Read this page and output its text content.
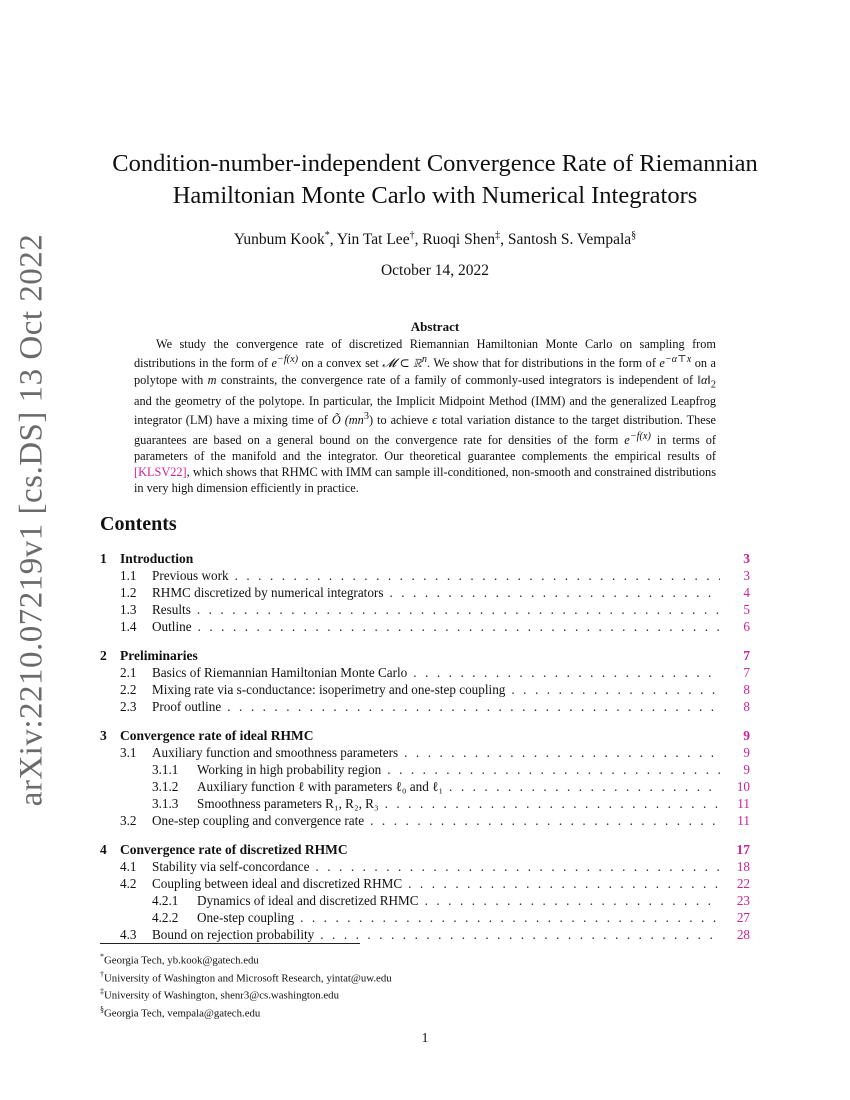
arXiv:2210.07219v1 [cs.DS] 13 Oct 2022
Condition-number-independent Convergence Rate of Riemannian
Hamiltonian Monte Carlo with Numerical Integrators
Yunbum Kook*, Yin Tat Lee†, Ruoqi Shen‡, Santosh S. Vempala§
October 14, 2022
Abstract

We study the convergence rate of discretized Riemannian Hamiltonian Monte Carlo on sampling from distributions in the form of $e^{-f(x)}$ on a convex set 𝓜 ⊂ ℝ$^n$. We show that for distributions in the form of $e^{-\alpha⊤x}$ on a polytope with m constraints, the convergence rate of a family of commonly-used integrators is independent of $‖\alpha‖_2$ and the geometry of the polytope. In particular, the Implicit Midpoint Method (IMM) and the generalized Leapfrog integrator (LM) have a mixing time of Õ $(mn^3)$ to achieve ϵ total variation distance to the target distribution. These guarantees are based on a general bound on the convergence rate for densities of the form $e^{-f(x)}$ in terms of parameters of the manifold and the integrator. Our theoretical guarantee complements the empirical results of [KLSV22], which shows that RHMC with IMM can sample ill-conditioned, non-smooth and constrained distributions in very high dimension efficiently in practice.

Contents
1 Introduction	3
1.1	Previous work . . .	3
1.2	RHMC discretized by numerical integrators . . .	4
1.3	Results . . .	5
1.4	Outline . . .	6
2 Preliminaries	7
2.1	Basics of Riemannian Hamiltonian Monte Carlo . . .	7
2.2	Mixing rate via s-conductance: isoperimetry and one-step coupling . . .	8
2.3	Proof outline . . .	8
3 Convergence rate of ideal RHMC	9
3.1	Auxiliary function and smoothness parameters . . .	9
3.1.1	Working in high probability region . . .	9
3.1.2	Auxiliary function ℓ with parameters ℓ₀ and ℓ₁ . . .	10
3.1.3	Smoothness parameters R₁, R₂, R₃ . . .	11
3.2	One-step coupling and convergence rate . . .	11
4 Convergence rate of discretized RHMC	17
4.1	Stability via self-concordance . . .	18
4.2	Coupling between ideal and discretized RHMC . . .	22
4.2.1	Dynamics of ideal and discretized RHMC . . .	23
4.2.2	One-step coupling . . .	27
4.3	Bound on rejection probability . . .	28
*Georgia Tech, yb.kook@gatech.edu
†University of Washington and Microsoft Research, yintat@uw.edu
‡University of Washington, shenr3@cs.washington.edu
§Georgia Tech, vempala@gatech.edu
1
